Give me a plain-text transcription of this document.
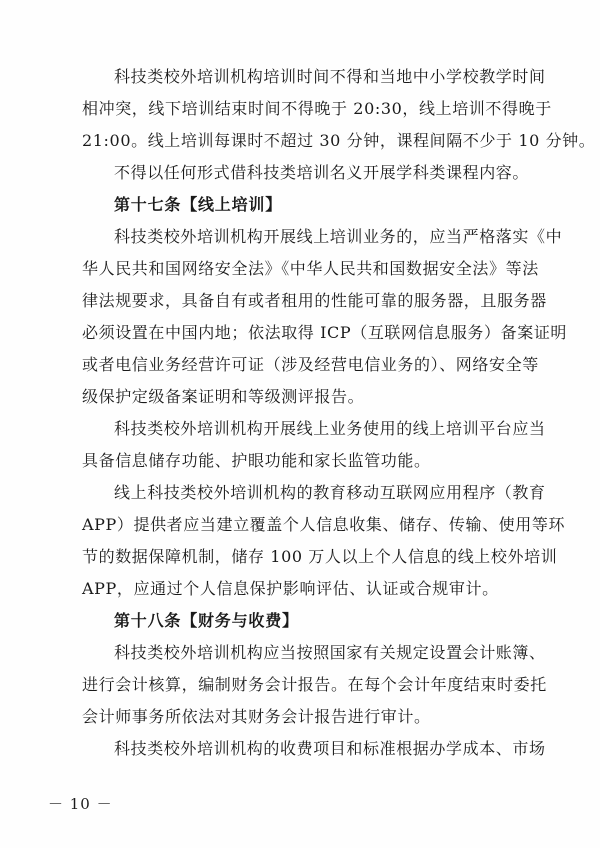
科技类校外培训机构培训时间不得和当地中小学校教学时间
相冲突，线下培训结束时间不得晚于 20:30，线上培训不得晚于
21:00。线上培训每课时不超过 30 分钟，课程间隔不少于 10 分钟。
不得以任何形式借科技类培训名义开展学科类课程内容。
第十七条【线上培训】
科技类校外培训机构开展线上培训业务的，应当严格落实《中
华人民共和国网络安全法》《中华人民共和国数据安全法》等法
律法规要求，具备自有或者租用的性能可靠的服务器，且服务器
必须设置在中国内地；依法取得 ICP（互联网信息服务）备案证明
或者电信业务经营许可证（涉及经营电信业务的）、网络安全等
级保护定级备案证明和等级测评报告。
科技类校外培训机构开展线上业务使用的线上培训平台应当
具备信息储存功能、护眼功能和家长监管功能。
线上科技类校外培训机构的教育移动互联网应用程序（教育
APP）提供者应当建立覆盖个人信息收集、储存、传输、使用等环
节的数据保障机制，储存 100 万人以上个人信息的线上校外培训
APP，应通过个人信息保护影响评估、认证或合规审计。
第十八条【财务与收费】
科技类校外培训机构应当按照国家有关规定设置会计账簿、
进行会计核算，编制财务会计报告。在每个会计年度结束时委托
会计师事务所依法对其财务会计报告进行审计。
科技类校外培训机构的收费项目和标准根据办学成本、市场
－ 10 －
